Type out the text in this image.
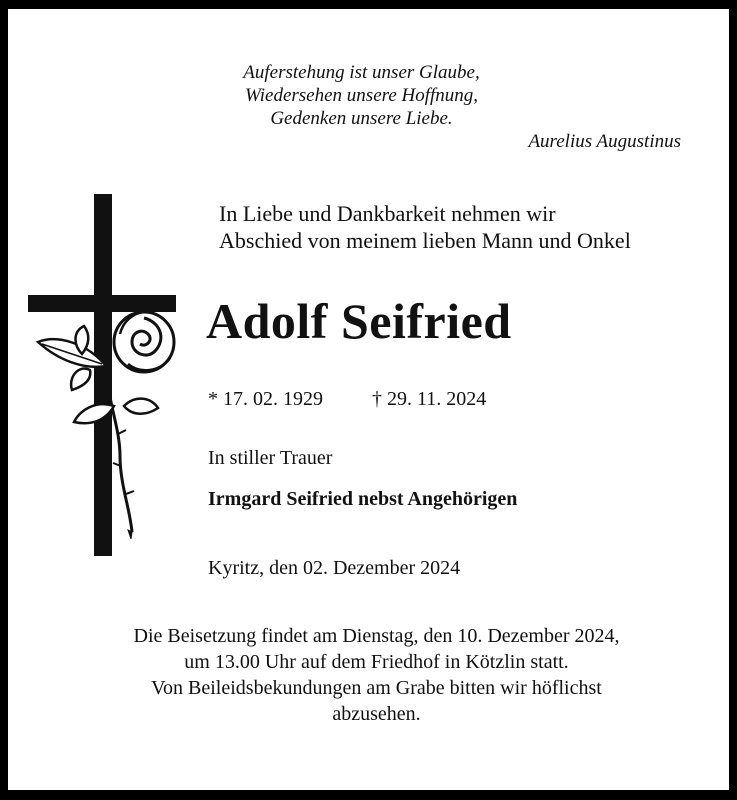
Auferstehung ist unser Glaube,
Wiedersehen unsere Hoffnung,
Gedenken unsere Liebe.
Aurelius Augustinus
In Liebe und Dankbarkeit nehmen wir
Abschied von meinem lieben Mann und Onkel
Adolf Seifried
* 17. 02. 1929 † 29. 11. 2024
In stiller Trauer
Irmgard Seifried nebst Angehörigen
Kyritz, den 02. Dezember 2024
Die Beisetzung findet am Dienstag, den 10. Dezember 2024,
um 13.00 Uhr auf dem Friedhof in Kötzlin statt.
Von Beileidsbekundungen am Grabe bitten wir höflichst
abzusehen.
